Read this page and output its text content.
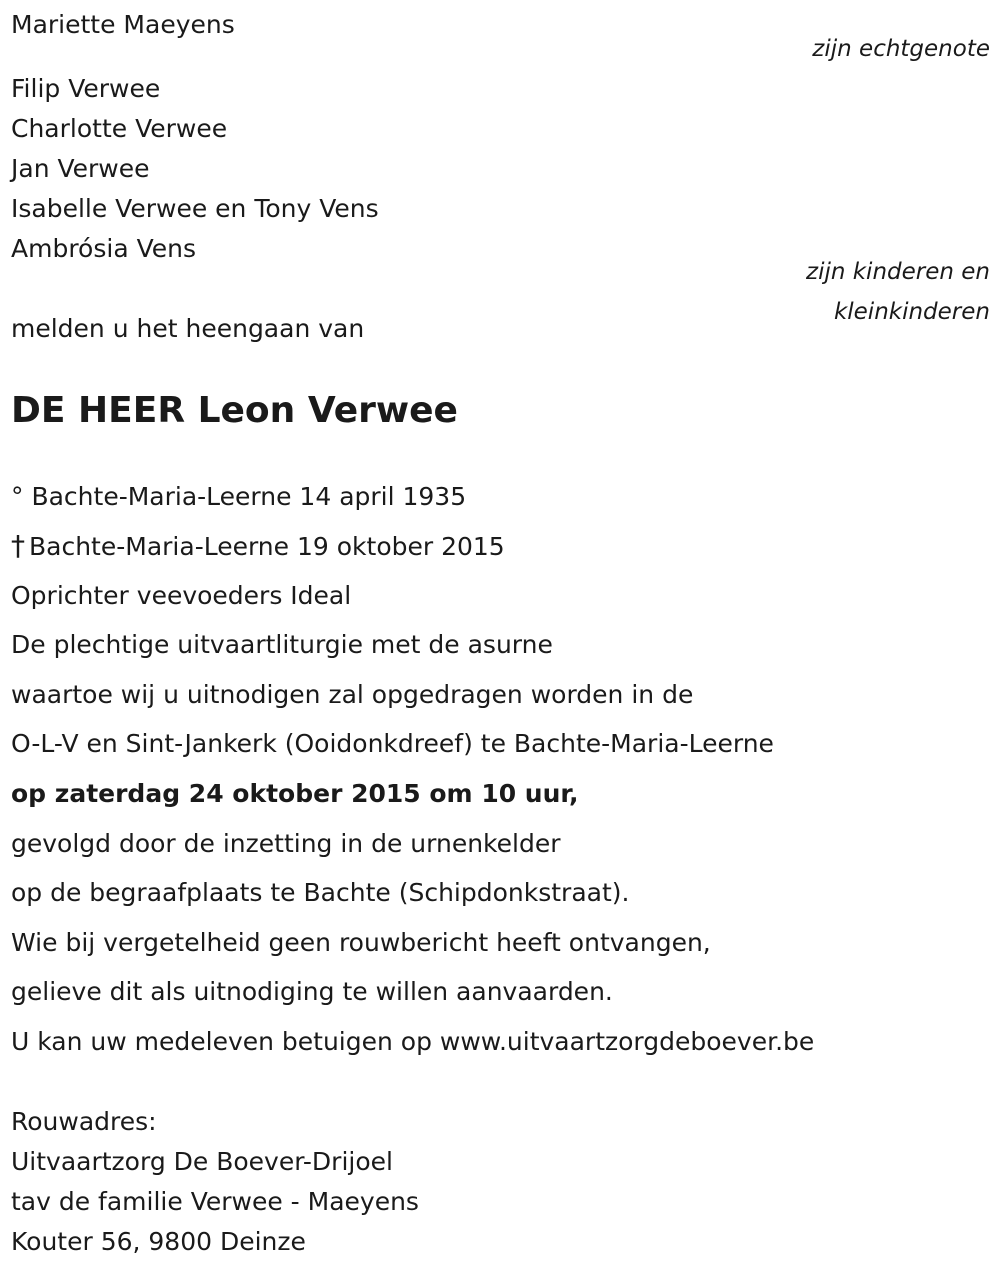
Mariette Maeyens
zijn echtgenote
Filip Verwee
Charlotte Verwee
Jan Verwee
Isabelle Verwee en Tony Vens
Ambrósia Vens
zijn kinderen en
kleinkinderen
melden u het heengaan van
DE HEER Leon Verwee
° Bachte-Maria-Leerne 14 april 1935
† Bachte-Maria-Leerne 19 oktober 2015
Oprichter veevoeders Ideal
De plechtige uitvaartliturgie met de asurne
waartoe wij u uitnodigen zal opgedragen worden in de
O-L-V en Sint-Jankerk (Ooidonkdreef) te Bachte-Maria-Leerne
op zaterdag 24 oktober 2015 om 10 uur,
gevolgd door de inzetting in de urnenkelder
op de begraafplaats te Bachte (Schipdonkstraat).
Wie bij vergetelheid geen rouwbericht heeft ontvangen,
gelieve dit als uitnodiging te willen aanvaarden.
U kan uw medeleven betuigen op www.uitvaartzorgdeboever.be
Rouwadres:
Uitvaartzorg De Boever-Drijoel
tav de familie Verwee - Maeyens
Kouter 56, 9800 Deinze
